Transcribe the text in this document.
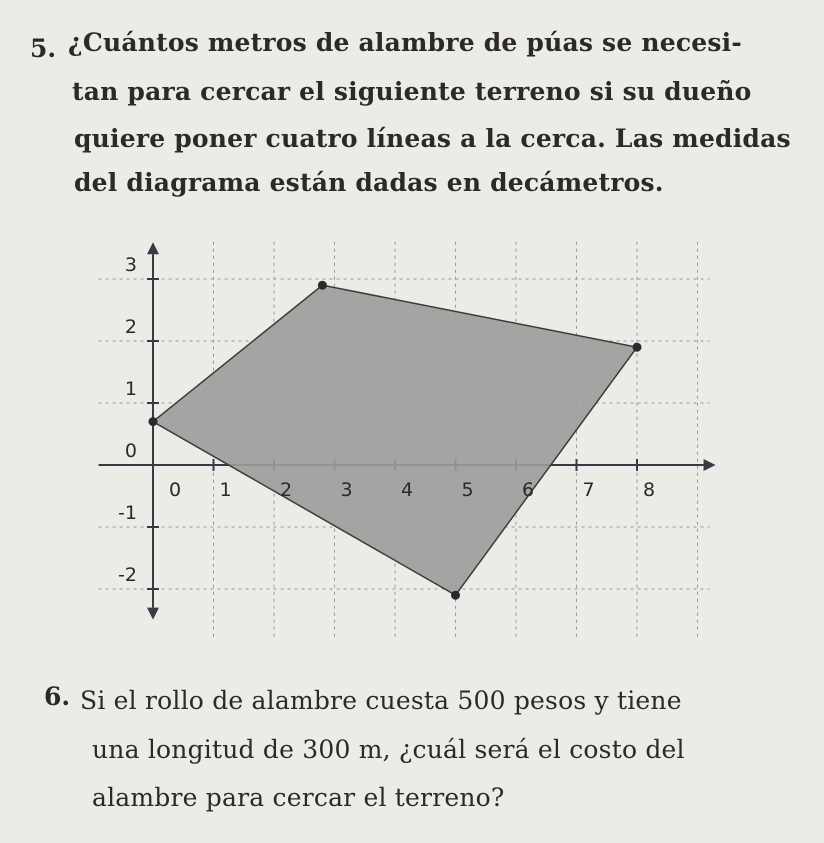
5. ¿Cuántos metros de alambre de púas se necesi-
tan para cercar el siguiente terreno si su dueño
quiere poner cuatro líneas a la cerca. Las medidas
del diagrama están dadas en decámetros.
0 1	2	3	4	5	6	7	8
3
2
1
0
-1
-2
6. Si el rollo de alambre cuesta 500 pesos y tiene
una longitud de 300 m, ¿cuál será el costo del
alambre para cercar el terreno?
